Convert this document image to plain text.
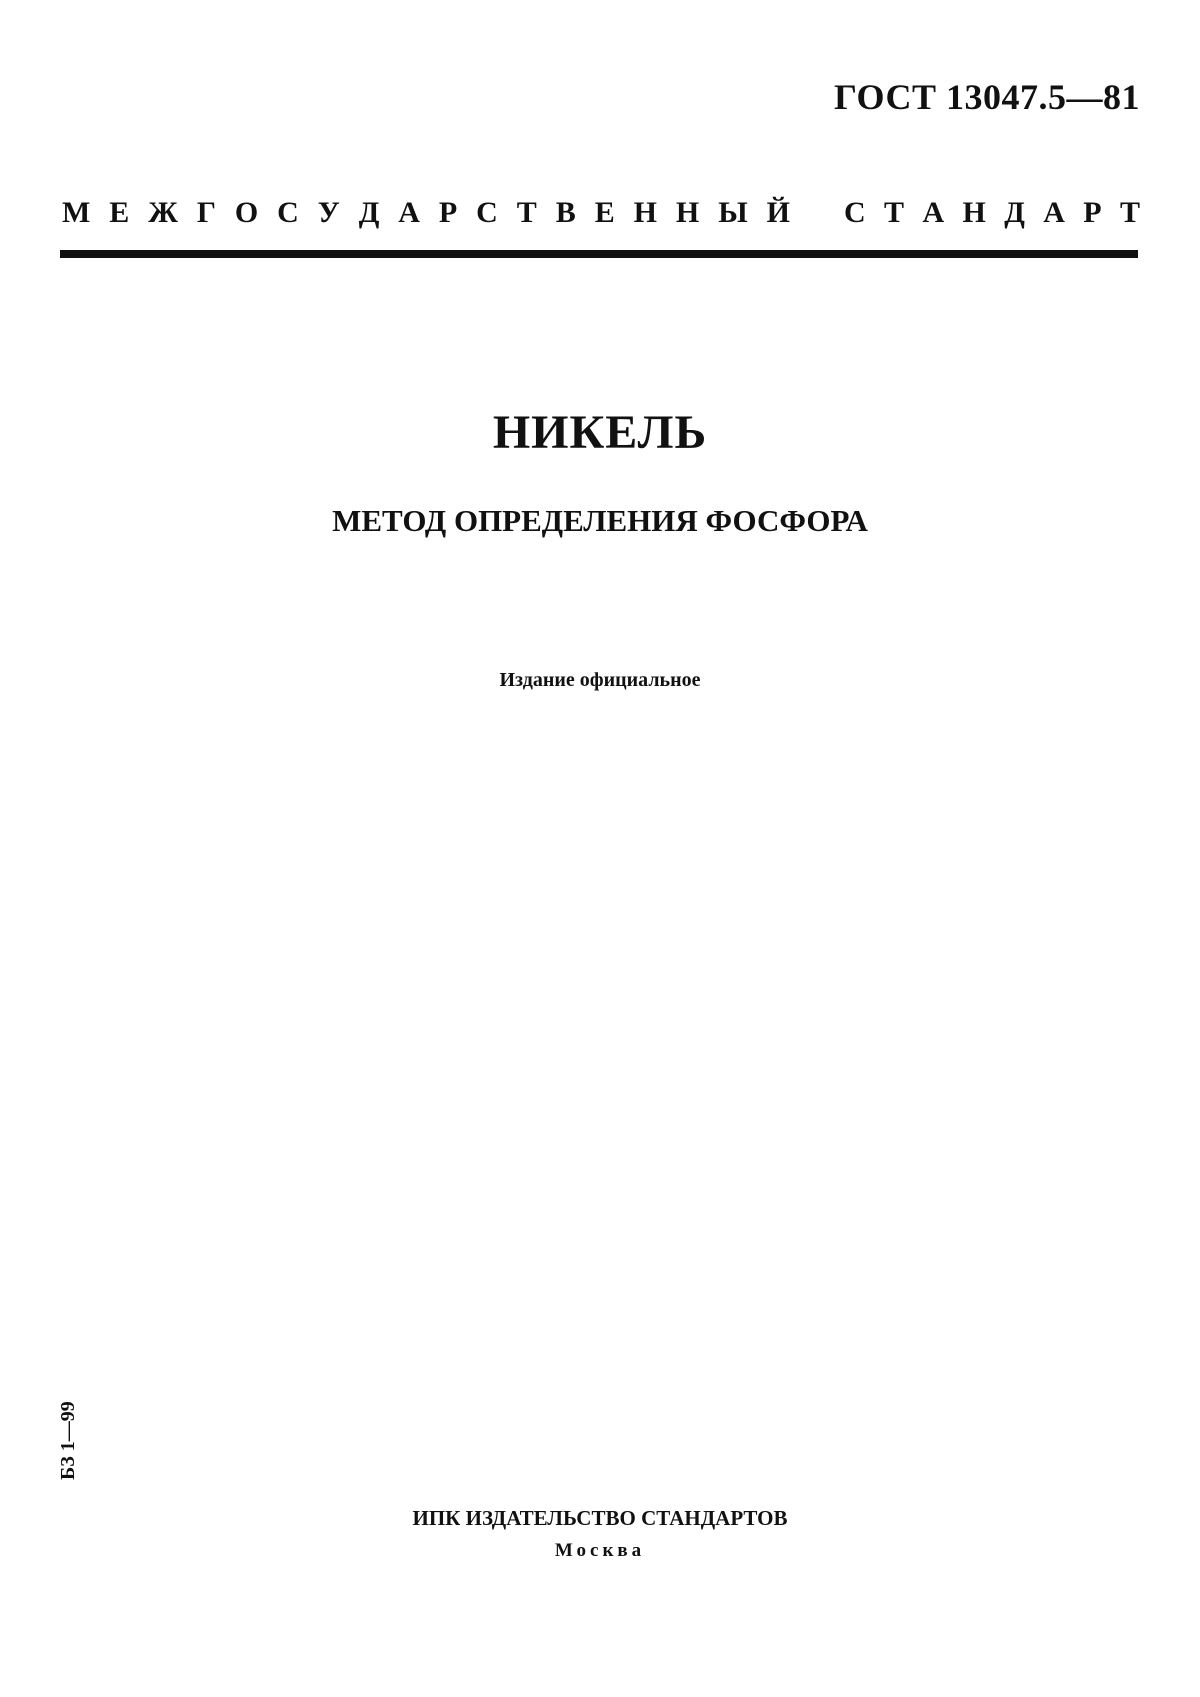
ГОСТ 13047.5—81
М Е Ж Г О С У Д А Р С Т В Е Н Н Ы Й С Т А Н Д А Р Т
НИКЕЛЬ
МЕТОД ОПРЕДЕЛЕНИЯ ФОСФОРА
Издание официальное
БЗ 1—99
ИПК ИЗДАТЕЛЬСТВО СТАНДАРТОВ
Москва
